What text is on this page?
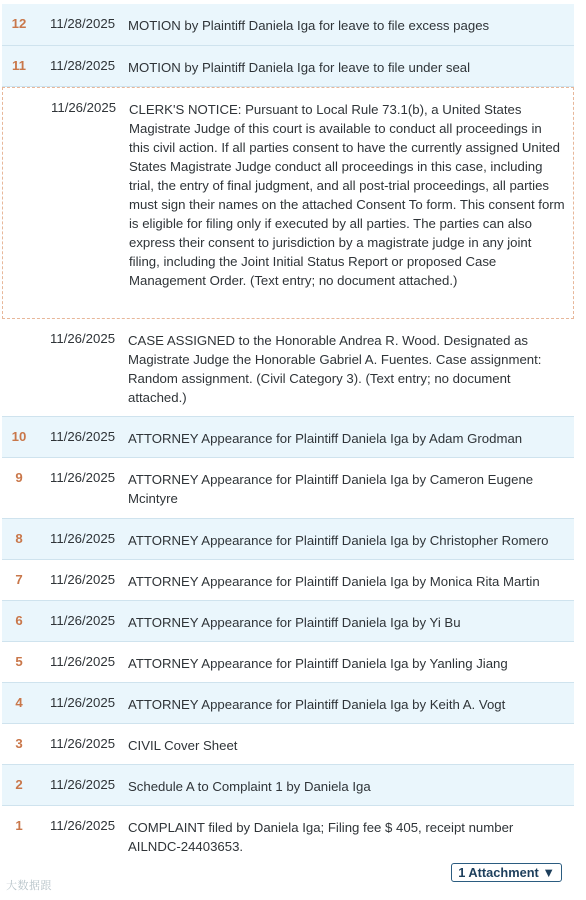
12	11/28/2025 MOTION by Plaintiff Daniela Iga for leave to file excess pages
11	11/28/2025 MOTION by Plaintiff Daniela Iga for leave to file under seal
11/26/2025 CLERK'S NOTICE: Pursuant to Local Rule 73.1(b), a United States Magistrate Judge of this court is available to conduct all proceedings in this civil action. If all parties consent to have the currently assigned United States Magistrate Judge conduct all proceedings in this case, including trial, the entry of final judgment, and all post-trial proceedings, all parties must sign their names on the attached Consent To form. This consent form is eligible for filing only if executed by all parties. The parties can also express their consent to jurisdiction by a magistrate judge in any joint filing, including the Joint Initial Status Report or proposed Case Management Order. (Text entry; no document attached.)
11/26/2025 CASE ASSIGNED to the Honorable Andrea R. Wood. Designated as Magistrate Judge the Honorable Gabriel A. Fuentes. Case assignment: Random assignment. (Civil Category 3). (Text entry; no document attached.)
10	11/26/2025 ATTORNEY Appearance for Plaintiff Daniela Iga by Adam Grodman
9	11/26/2025 ATTORNEY Appearance for Plaintiff Daniela Iga by Cameron Eugene Mcintyre
8	11/26/2025 ATTORNEY Appearance for Plaintiff Daniela Iga by Christopher Romero
7	11/26/2025 ATTORNEY Appearance for Plaintiff Daniela Iga by Monica Rita Martin
6	11/26/2025 ATTORNEY Appearance for Plaintiff Daniela Iga by Yi Bu
5	11/26/2025 ATTORNEY Appearance for Plaintiff Daniela Iga by Yanling Jiang
4	11/26/2025 ATTORNEY Appearance for Plaintiff Daniela Iga by Keith A. Vogt
3	11/26/2025 CIVIL Cover Sheet
2	11/26/2025 Schedule A to Complaint 1 by Daniela Iga
1	11/26/2025 COMPLAINT filed by Daniela Iga; Filing fee $ 405, receipt number AILNDC-24403653.
1 Attachment ▼
大数据跟
